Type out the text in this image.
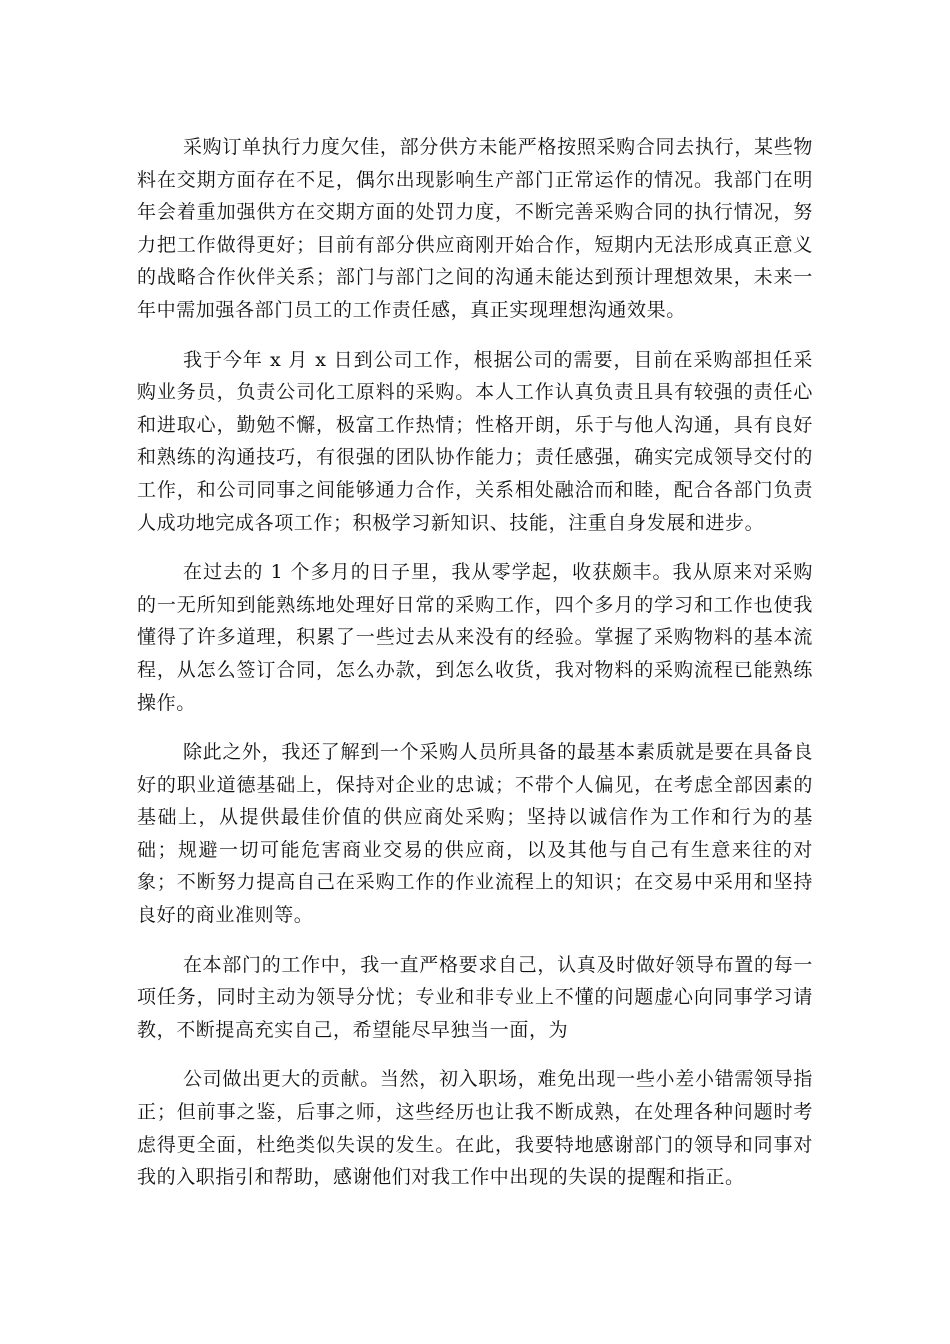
采购订单执行力度欠佳，部分供方未能严格按照采购合同去执行，某些物料在交期方面存在不足，偶尔出现影响生产部门正常运作的情况。我部门在明年会着重加强供方在交期方面的处罚力度，不断完善采购合同的执行情况，努力把工作做得更好；目前有部分供应商刚开始合作，短期内无法形成真正意义的战略合作伙伴关系；部门与部门之间的沟通未能达到预计理想效果，未来一年中需加强各部门员工的工作责任感，真正实现理想沟通效果。

我于今年 x 月 x 日到公司工作，根据公司的需要，目前在采购部担任采购业务员，负责公司化工原料的采购。本人工作认真负责且具有较强的责任心和进取心，勤勉不懈，极富工作热情；性格开朗，乐于与他人沟通，具有良好和熟练的沟通技巧，有很强的团队协作能力；责任感强，确实完成领导交付的工作，和公司同事之间能够通力合作，关系相处融洽而和睦，配合各部门负责人成功地完成各项工作；积极学习新知识、技能，注重自身发展和进步。

在过去的 1 个多月的日子里，我从零学起，收获颇丰。我从原来对采购的一无所知到能熟练地处理好日常的采购工作，四个多月的学习和工作也使我懂得了许多道理，积累了一些过去从来没有的经验。掌握了采购物料的基本流程，从怎么签订合同，怎么办款，到怎么收货，我对物料的采购流程已能熟练操作。

除此之外，我还了解到一个采购人员所具备的最基本素质就是要在具备良好的职业道德基础上，保持对企业的忠诚；不带个人偏见，在考虑全部因素的基础上，从提供最佳价值的供应商处采购；坚持以诚信作为工作和行为的基础；规避一切可能危害商业交易的供应商，以及其他与自己有生意来往的对象；不断努力提高自己在采购工作的作业流程上的知识；在交易中采用和坚持良好的商业准则等。

在本部门的工作中，我一直严格要求自己，认真及时做好领导布置的每一项任务，同时主动为领导分忧；专业和非专业上不懂的问题虚心向同事学习请教，不断提高充实自己，希望能尽早独当一面，为

公司做出更大的贡献。当然，初入职场，难免出现一些小差小错需领导指正；但前事之鉴，后事之师，这些经历也让我不断成熟，在处理各种问题时考虑得更全面，杜绝类似失误的发生。在此，我要特地感谢部门的领导和同事对我的入职指引和帮助，感谢他们对我工作中出现的失误的提醒和指正。
